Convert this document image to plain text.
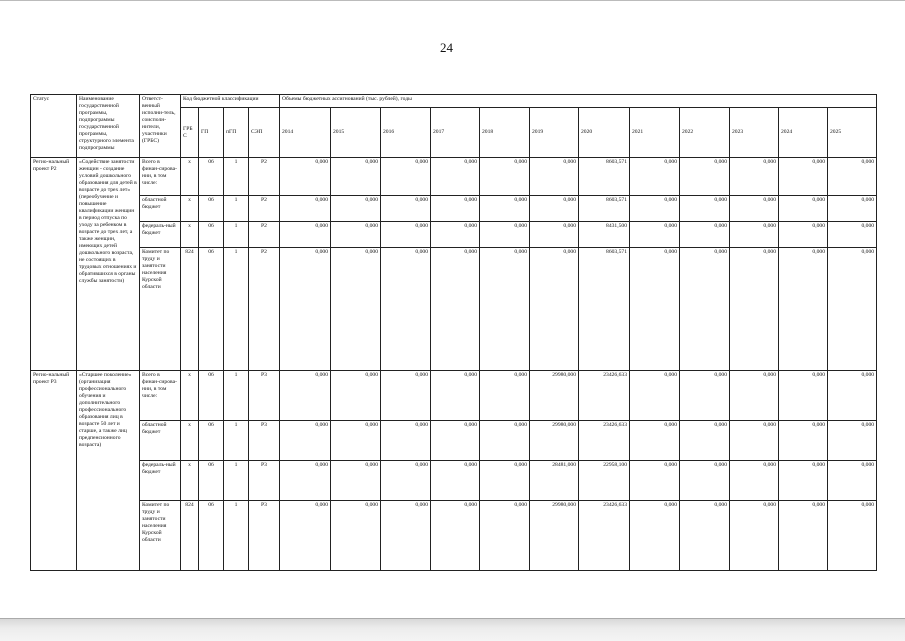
24
Статус	Наименование государственной программы, подпрограммы государственной программы, структурного элемента подпрограммы	Ответст-венный исполни-тель, соисполн-нители, участники (ГРБС)	Код бюджетной классификации				Объемы бюджетных ассигнований (тыс. рублей), годы											
			ГРБ С	ГП	пГП	СЭП	2014	2015	2016	2017	2018	2019	2020	2021	2022	2023	2024	2025
Регио-нальный проект Р2	«Содействие занятости женщин - создание условий дошкольного образования для детей в возрасте до трех лет» (переобучение и повышение квалификации женщин в период отпуска по уходу за ребенком в возрасте до трех лет, а также женщин, имеющих детей дошкольного возраста, не состоящих в трудовых отношениях и обратившихся в органы службы занятости)	Всего в финан-сирова-нии, в том числе:	х	06	1	Р2	0,000	0,000	0,000	0,000	0,000	0,000	8603,571	0,000	0,000	0,000	0,000	0,000
		областной бюджет	х	06	1	Р2	0,000	0,000	0,000	0,000	0,000	0,000	8603,571	0,000	0,000	0,000	0,000	0,000
		федераль-ный бюджет	х	06	1	Р2	0,000	0,000	0,000	0,000	0,000	0,000	8431,500	0,000	0,000	0,000	0,000	0,000
		Комитет по труду и занятости населения Курской области	824	06	1	Р2	0,000	0,000	0,000	0,000	0,000	0,000	8603,571	0,000	0,000	0,000	0,000	0,000
Регио-нальный проект Р3	«Старшее поколение» (организация профессионального обучения и дополнительного профессионального образования лиц в возрасте 50 лет и старше, а также лиц предпенсионного возраста)	Всего в финан-сирова-нии, в том числе:	х	06	1	Р3	0,000	0,000	0,000	0,000	0,000	29980,000	23426,633	0,000	0,000	0,000	0,000	0,000
		областной бюджет	х	06	1	Р3	0,000	0,000	0,000	0,000	0,000	29980,000	23426,633	0,000	0,000	0,000	0,000	0,000
		федераль-ный бюджет	х	06	1	Р3	0,000	0,000	0,000	0,000	0,000	28481,000	22958,100	0,000	0,000	0,000	0,000	0,000
		Комитет по труду и занятости населения Курской области	824	06	1	Р3	0,000	0,000	0,000	0,000	0,000	29980,000	23426,633	0,000	0,000	0,000	0,000	0,000
